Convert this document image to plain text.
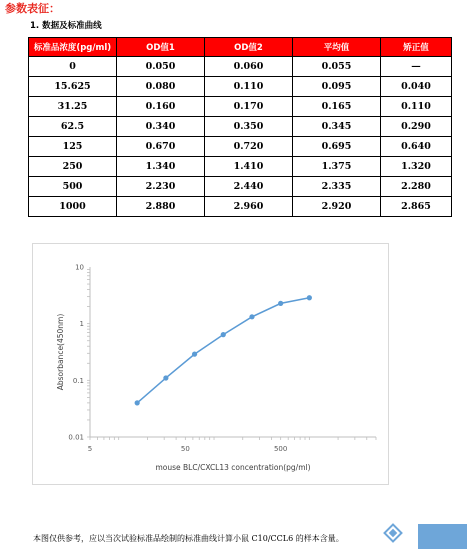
参数表征：
1. 数据及标准曲线
标准品浓度(pg/ml)	OD值1	OD值2	平均值	矫正值
0	0.050	0.060	0.055	—
15.625	0.080	0.110	0.095	0.040
31.25	0.160	0.170	0.165	0.110
62.5	0.340	0.350	0.345	0.290
125	0.670	0.720	0.695	0.640
250	1.340	1.410	1.375	1.320
500	2.230	2.440	2.335	2.280
1000	2.880	2.960	2.920	2.865
5	50	500
10
1
0.1
0.01
mouse BLC/CXCL13 concentration(pg/ml)
Absorbance(450nm)
本图仅供参考，应以当次试验标准品绘制的标准曲线计算小鼠 C10/CCL6 的样本含量。
